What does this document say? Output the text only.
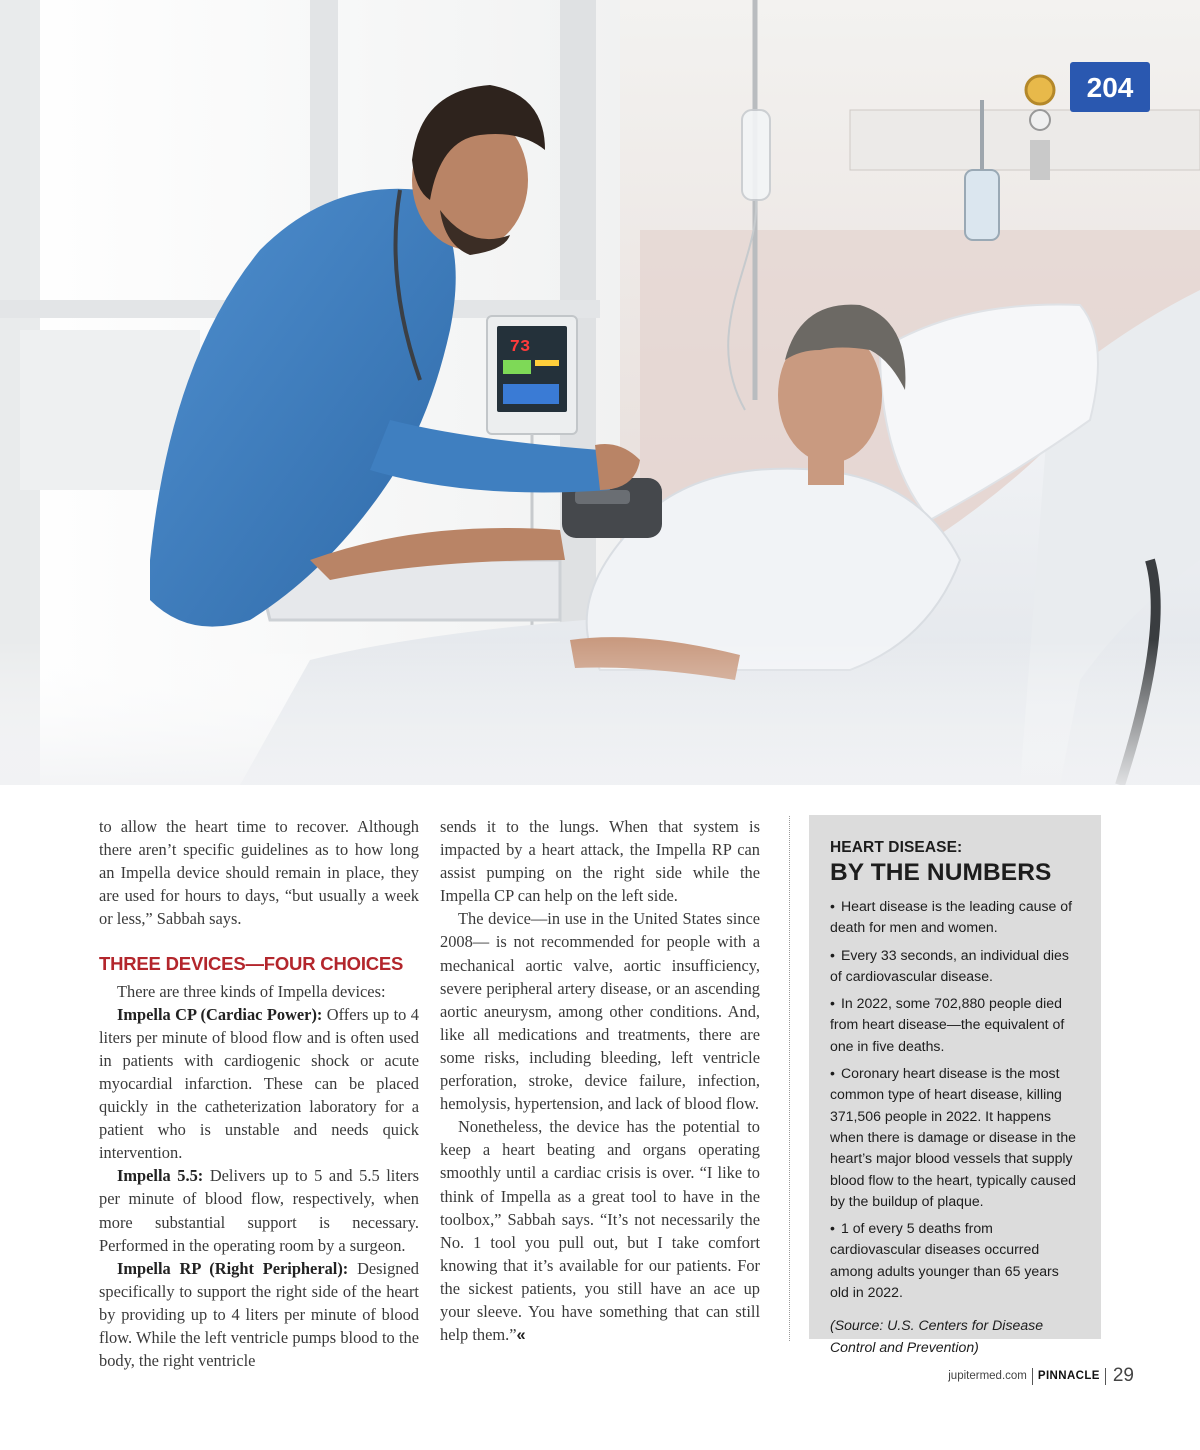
204
73

to allow the heart time to recover. Although there aren’t specific guidelines as to how long an Impella device should remain in place, they are used for hours to days, “but usually a week or less,” Sabbah says.

THREE DEVICES—FOUR CHOICES

There are three kinds of Impella devices:

Impella CP (Cardiac Power): Offers up to 4 liters per minute of blood flow and is often used in patients with cardiogenic shock or acute myocardial infarction. These can be placed quickly in the catheterization laboratory for a patient who is unstable and needs quick intervention.

Impella 5.5: Delivers up to 5 and 5.5 liters per minute of blood flow, respectively, when more substantial support is necessary. Performed in the operating room by a surgeon.

Impella RP (Right Peripheral): Designed specifically to support the right side of the heart by providing up to 4 liters per minute of blood flow. While the left ventricle pumps blood to the body, the right ventricle

sends it to the lungs. When that system is impacted by a heart attack, the Impella RP can assist pumping on the right side while the Impella CP can help on the left side.

The device—in use in the United States since 2008— is not recommended for people with a mechanical aortic valve, aortic insufficiency, severe peripheral artery disease, or an ascending aortic aneurysm, among other conditions. And, like all medications and treatments, there are some risks, including bleeding, left ventricle perforation, stroke, device failure, infection, hemolysis, hypertension, and lack of blood flow.

Nonetheless, the device has the potential to keep a heart beating and organs operating smoothly until a cardiac crisis is over. “I like to think of Impella as a great tool to have in the toolbox,” Sabbah says. “It’s not necessarily the No. 1 tool you pull out, but I take comfort knowing that it’s available for our patients. For the sickest patients, you still have an ace up your sleeve. You have something that can still help them.”«

HEART DISEASE:

BY THE NUMBERS

• Heart disease is the leading cause of death for men and women.

• Every 33 seconds, an individual dies of cardiovascular disease.

• In 2022, some 702,880 people died from heart disease—the equivalent of one in five deaths.

• Coronary heart disease is the most common type of heart disease, killing 371,506 people in 2022. It happens when there is damage or disease in the heart’s major blood vessels that supply blood flow to the heart, typically caused by the buildup of plaque.

• 1 of every 5 deaths from cardiovascular diseases occurred among adults younger than 65 years old in 2022.

(Source: U.S. Centers for Disease Control and Prevention)

jupitermed.com PINNACLE 29
